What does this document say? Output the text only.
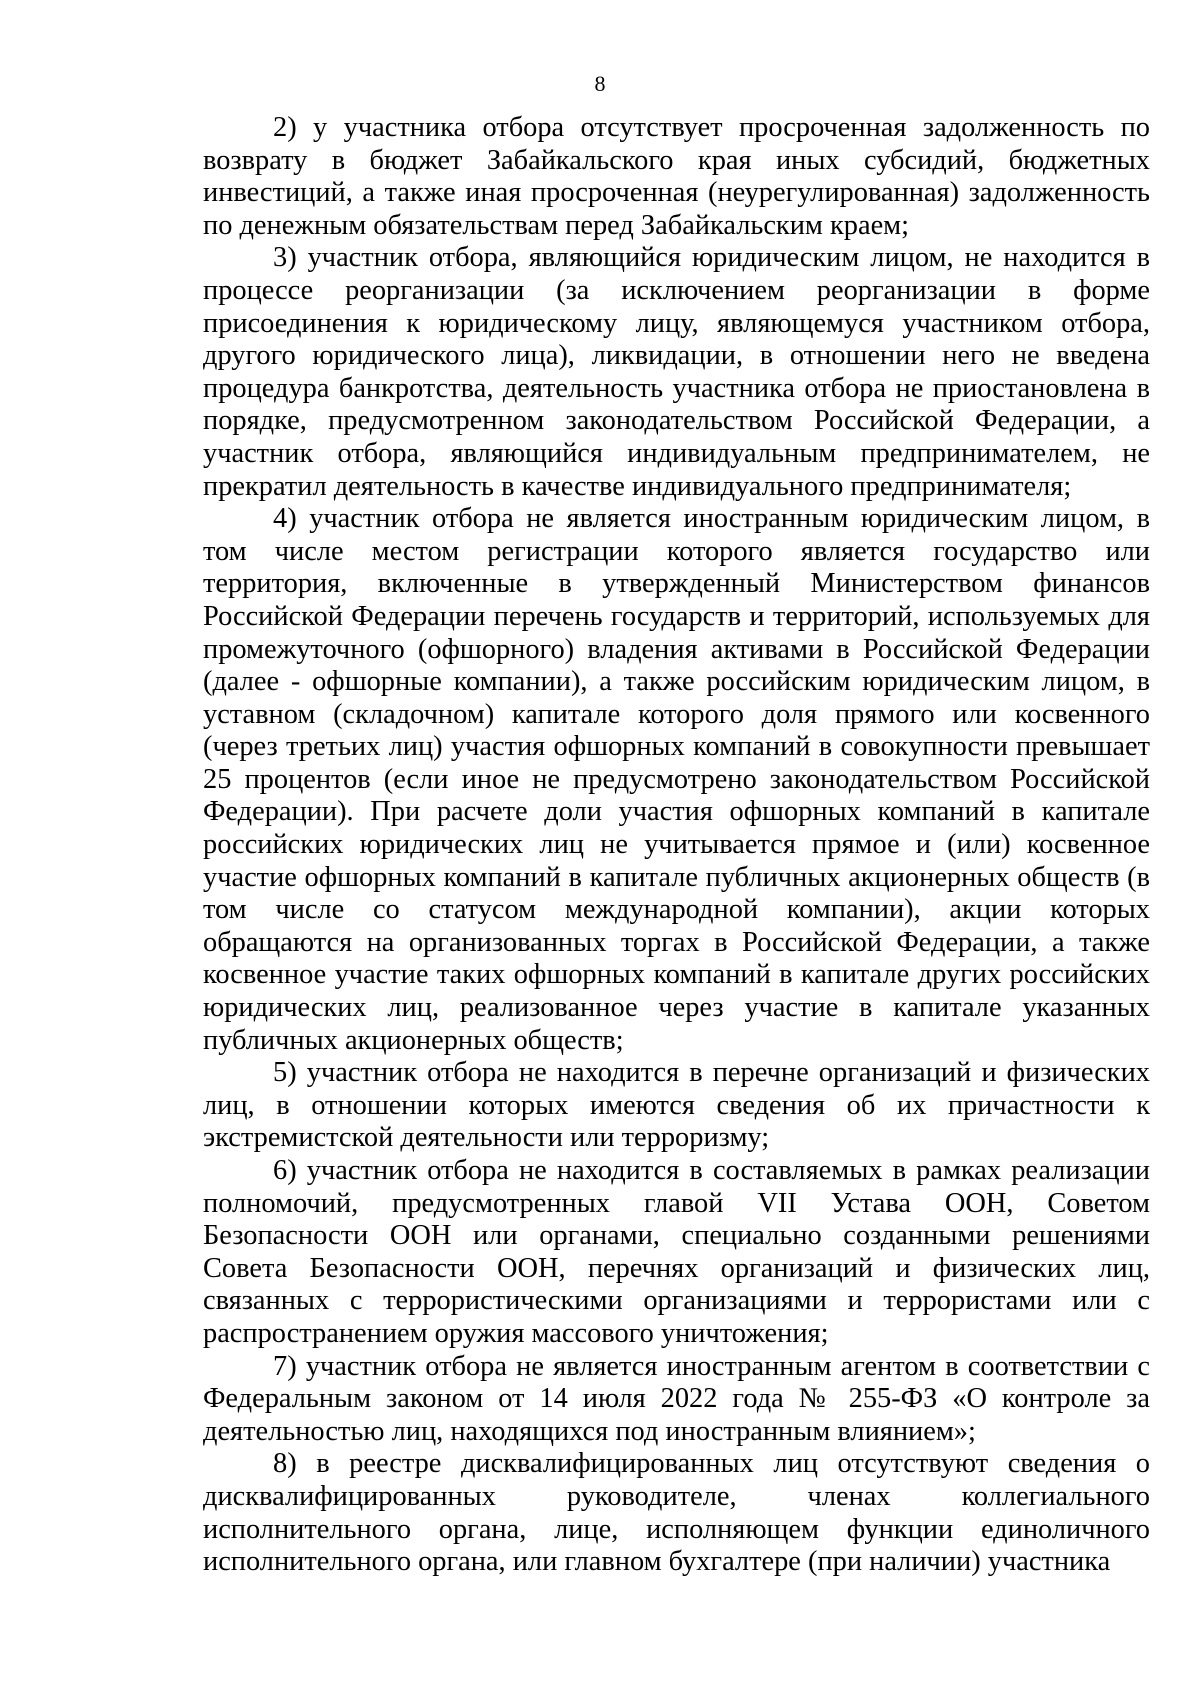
8

2) у участника отбора отсутствует просроченная задолженность по возврату в бюджет Забайкальского края иных субсидий, бюджетных инвестиций, а также иная просроченная (неурегулированная) задолженность по денежным обязательствам перед Забайкальским краем;

3) участник отбора, являющийся юридическим лицом, не находится в процессе реорганизации (за исключением реорганизации в форме присоединения к юридическому лицу, являющемуся участником отбора, другого юридического лица), ликвидации, в отношении него не введена процедура банкротства, деятельность участника отбора не приостановлена в порядке, предусмотренном законодательством Российской Федерации, а участник отбора, являющийся индивидуальным предпринимателем, не прекратил деятельность в качестве индивидуального предпринимателя;

4) участник отбора не является иностранным юридическим лицом, в том числе местом регистрации которого является государство или территория, включенные в утвержденный Министерством финансов Российской Федерации перечень государств и территорий, используемых для промежуточного (офшорного) владения активами в Российской Федерации (далее - офшорные компании), а также российским юридическим лицом, в уставном (складочном) капитале которого доля прямого или косвенного (через третьих лиц) участия офшорных компаний в совокупности превышает 25 процентов (если иное не предусмотрено законодательством Российской Федерации). При расчете доли участия офшорных компаний в капитале российских юридических лиц не учитывается прямое и (или) косвенное участие офшорных компаний в капитале публичных акционерных обществ (в том числе со статусом международной компании), акции которых обращаются на организованных торгах в Российской Федерации, а также косвенное участие таких офшорных компаний в капитале других российских юридических лиц, реализованное через участие в капитале указанных публичных акционерных обществ;

5) участник отбора не находится в перечне организаций и физических лиц, в отношении которых имеются сведения об их причастности к экстремистской деятельности или терроризму;

6) участник отбора не находится в составляемых в рамках реализации полномочий, предусмотренных главой VII Устава ООН, Советом Безопасности ООН или органами, специально созданными решениями Совета Безопасности ООН, перечнях организаций и физических лиц, связанных с террористическими организациями и террористами или с распространением оружия массового уничтожения;

7) участник отбора не является иностранным агентом в соответствии с Федеральным законом от 14 июля 2022 года № 255-ФЗ «О контроле за деятельностью лиц, находящихся под иностранным влиянием»;

8) в реестре дисквалифицированных лиц отсутствуют сведения о дисквалифицированных руководителе, членах коллегиального исполнительного органа, лице, исполняющем функции единоличного исполнительного органа, или главном бухгалтере (при наличии) участника
